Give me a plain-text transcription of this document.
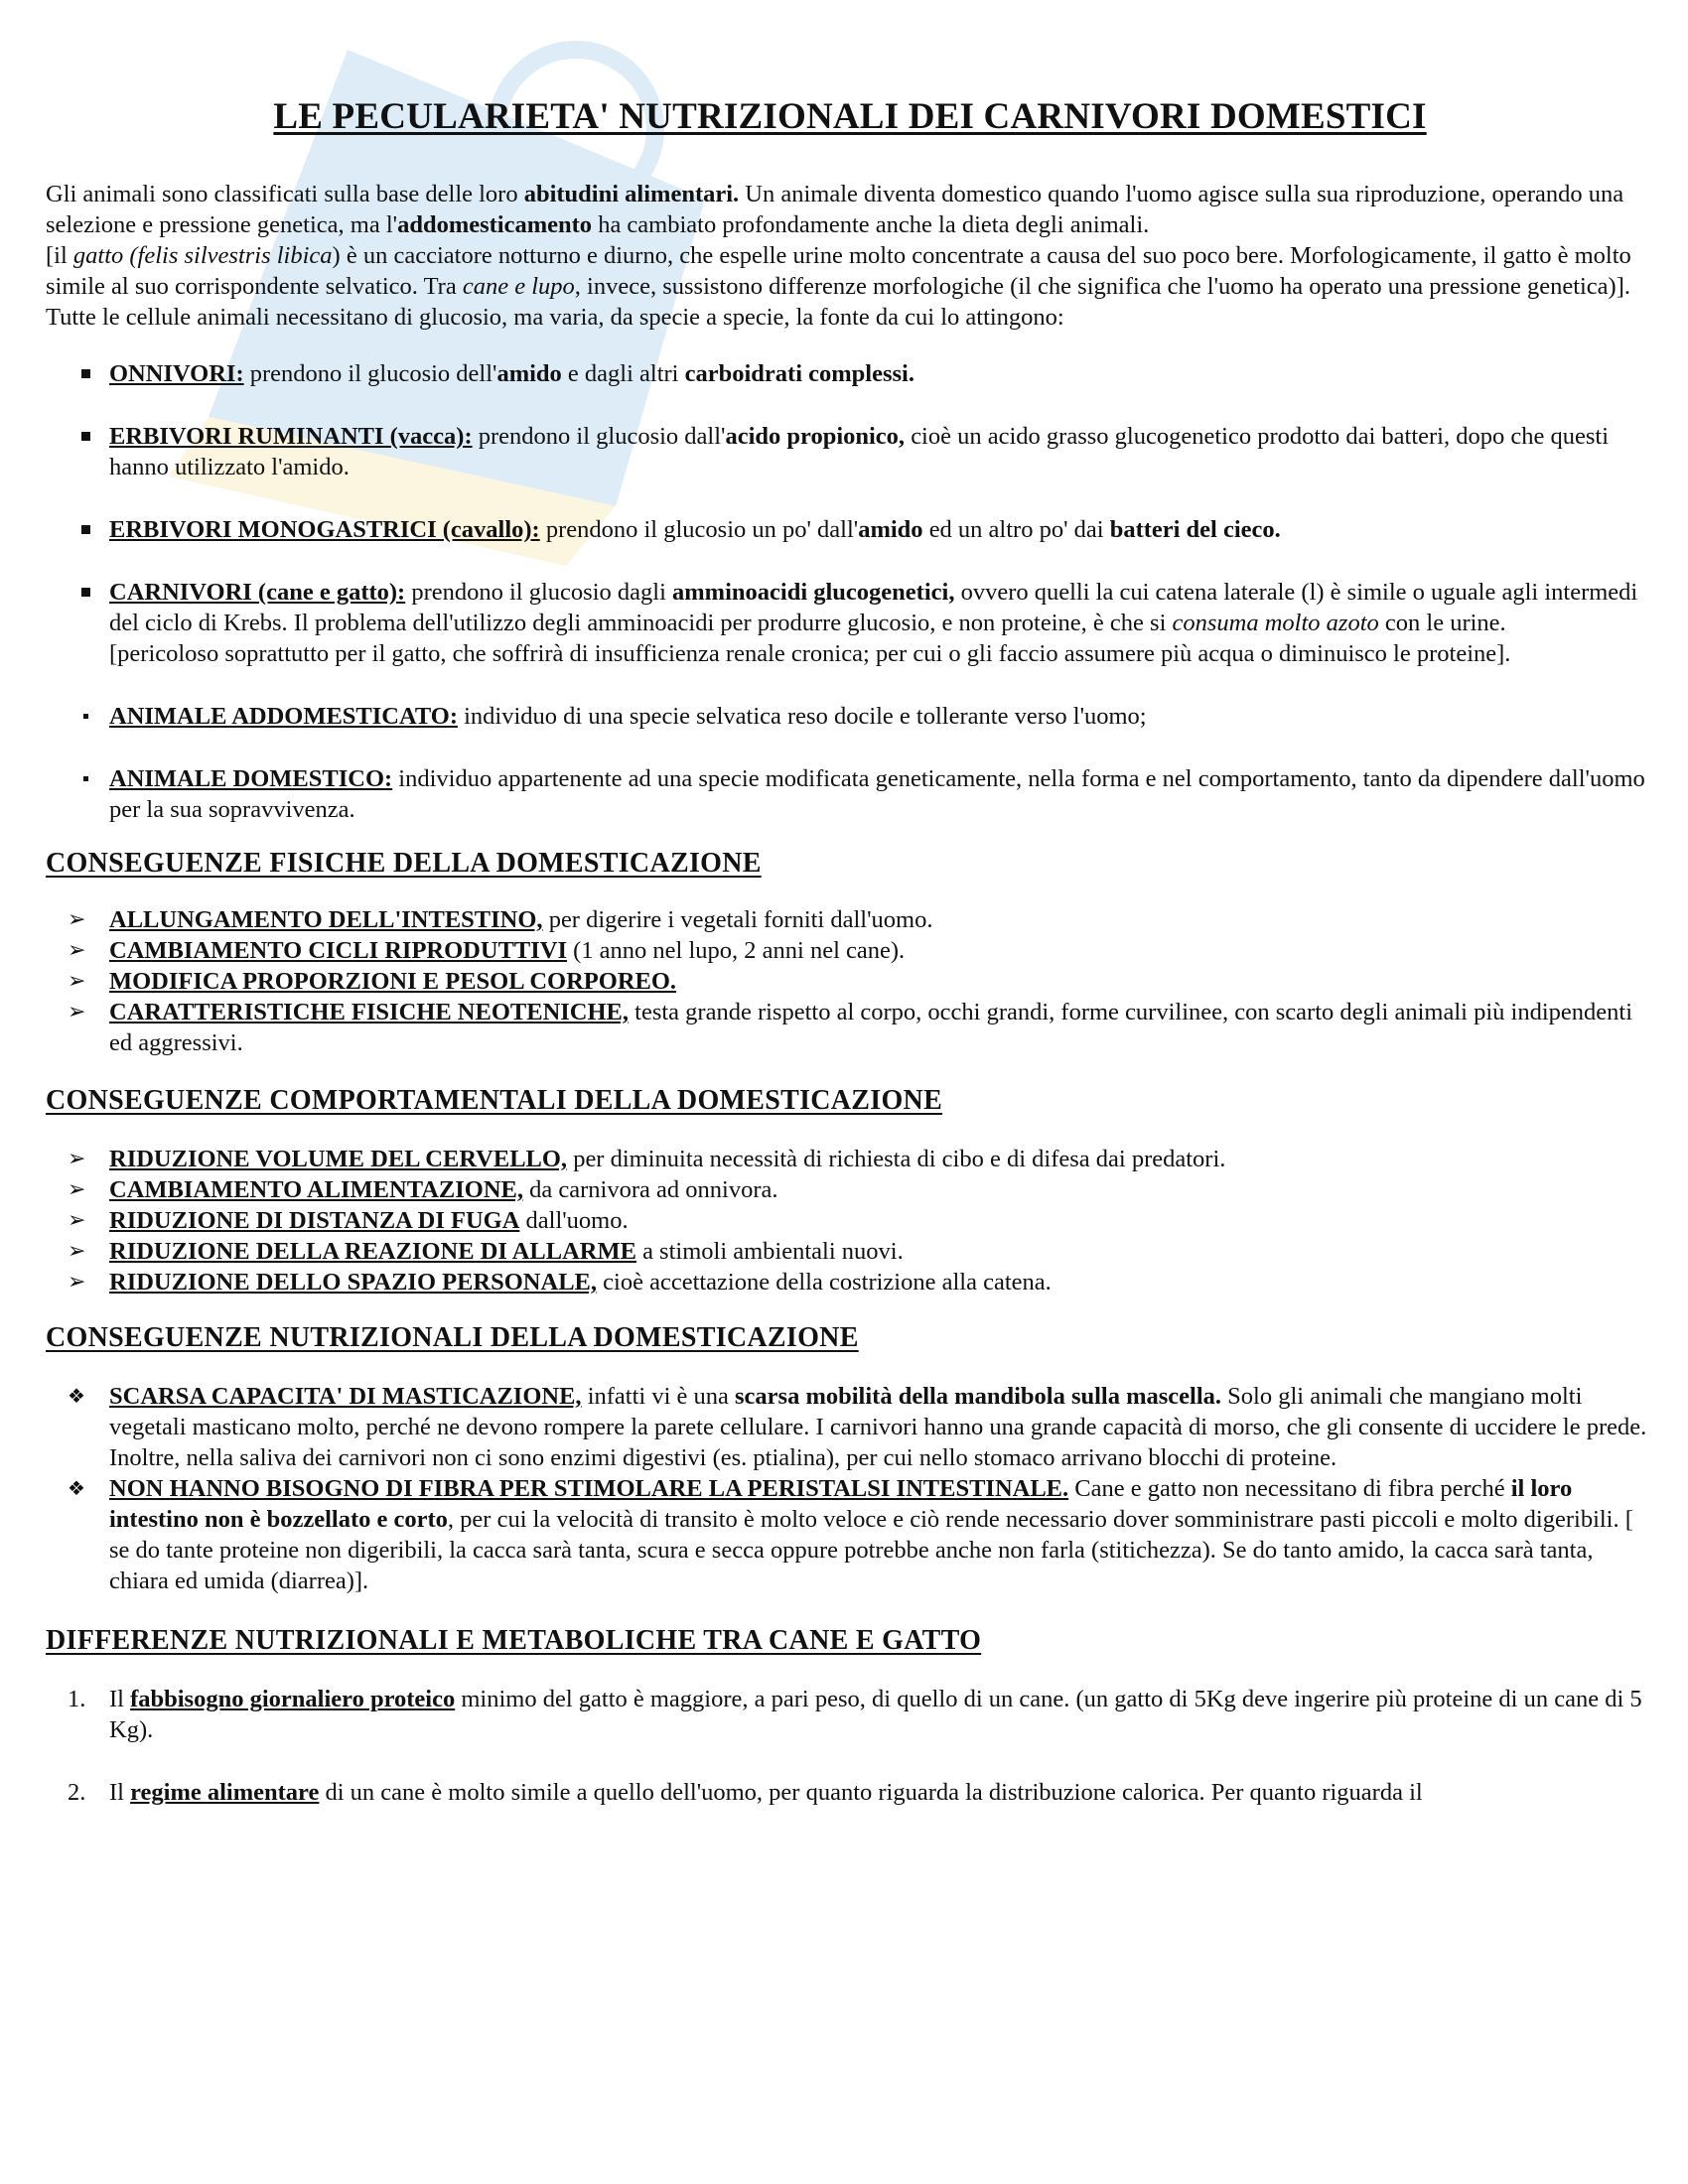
LE PECULARIETA' NUTRIZIONALI DEI CARNIVORI DOMESTICI

Gli animali sono classificati sulla base delle loro abitudini alimentari. Un animale diventa domestico quando l'uomo agisce sulla sua riproduzione, operando una selezione e pressione genetica, ma l'addomesticamento ha cambiato profondamente anche la dieta degli animali.

[il gatto (felis silvestris libica) è un cacciatore notturno e diurno, che espelle urine molto concentrate a causa del suo poco bere. Morfologicamente, il gatto è molto simile al suo corrispondente selvatico. Tra cane e lupo, invece, sussistono differenze morfologiche (il che significa che l'uomo ha operato una pressione genetica)].

Tutte le cellule animali necessitano di glucosio, ma varia, da specie a specie, la fonte da cui lo attingono:

ONNIVORI: prendono il glucosio dell'amido e dagli altri carboidrati complessi.
ERBIVORI RUMINANTI (vacca): prendono il glucosio dall'acido propionico, cioè un acido grasso glucogenetico prodotto dai batteri, dopo che questi hanno utilizzato l'amido.
ERBIVORI MONOGASTRICI (cavallo): prendono il glucosio un po' dall'amido ed un altro po' dai batteri del cieco.
CARNIVORI (cane e gatto): prendono il glucosio dagli amminoacidi glucogenetici, ovvero quelli la cui catena laterale (l) è simile o uguale agli intermedi del ciclo di Krebs. Il problema dell'utilizzo degli amminoacidi per produrre glucosio, e non proteine, è che si consuma molto azoto con le urine.
[pericoloso soprattutto per il gatto, che soffrirà di insufficienza renale cronica; per cui o gli faccio assumere più acqua o diminuisco le proteine].
ANIMALE ADDOMESTICATO: individuo di una specie selvatica reso docile e tollerante verso l'uomo;
ANIMALE DOMESTICO: individuo appartenente ad una specie modificata geneticamente, nella forma e nel comportamento, tanto da dipendere dall'uomo per la sua sopravvivenza.
CONSEGUENZE FISICHE DELLA DOMESTICAZIONE
➢ ALLUNGAMENTO DELL'INTESTINO, per digerire i vegetali forniti dall'uomo.
➢ CAMBIAMENTO CICLI RIPRODUTTIVI (1 anno nel lupo, 2 anni nel cane).
➢ MODIFICA PROPORZIONI E PESOL CORPOREO.
➢ CARATTERISTICHE FISICHE NEOTENICHE, testa grande rispetto al corpo, occhi grandi, forme curvilinee, con scarto degli animali più indipendenti ed aggressivi.
CONSEGUENZE COMPORTAMENTALI DELLA DOMESTICAZIONE
➢ RIDUZIONE VOLUME DEL CERVELLO, per diminuita necessità di richiesta di cibo e di difesa dai predatori.
➢ CAMBIAMENTO ALIMENTAZIONE, da carnivora ad onnivora.
➢ RIDUZIONE DI DISTANZA DI FUGA dall'uomo.
➢ RIDUZIONE DELLA REAZIONE DI ALLARME a stimoli ambientali nuovi.
➢ RIDUZIONE DELLO SPAZIO PERSONALE, cioè accettazione della costrizione alla catena.
CONSEGUENZE NUTRIZIONALI DELLA DOMESTICAZIONE
❖ SCARSA CAPACITA' DI MASTICAZIONE, infatti vi è una scarsa mobilità della mandibola sulla mascella. Solo gli animali che mangiano molti vegetali masticano molto, perché ne devono rompere la parete cellulare. I carnivori hanno una grande capacità di morso, che gli consente di uccidere le prede. Inoltre, nella saliva dei carnivori non ci sono enzimi digestivi (es. ptialina), per cui nello stomaco arrivano blocchi di proteine.
❖ NON HANNO BISOGNO DI FIBRA PER STIMOLARE LA PERISTALSI INTESTINALE. Cane e gatto non necessitano di fibra perché il loro intestino non è bozzellato e corto, per cui la velocità di transito è molto veloce e ciò rende necessario dover somministrare pasti piccoli e molto digeribili. [ se do tante proteine non digeribili, la cacca sarà tanta, scura e secca oppure potrebbe anche non farla (stitichezza). Se do tanto amido, la cacca sarà tanta, chiara ed umida (diarrea)].
DIFFERENZE NUTRIZIONALI E METABOLICHE TRA CANE E GATTO
1. Il fabbisogno giornaliero proteico minimo del gatto è maggiore, a pari peso, di quello di un cane. (un gatto di 5Kg deve ingerire più proteine di un cane di 5 Kg).
2. Il regime alimentare di un cane è molto simile a quello dell'uomo, per quanto riguarda la distribuzione calorica. Per quanto riguarda il
